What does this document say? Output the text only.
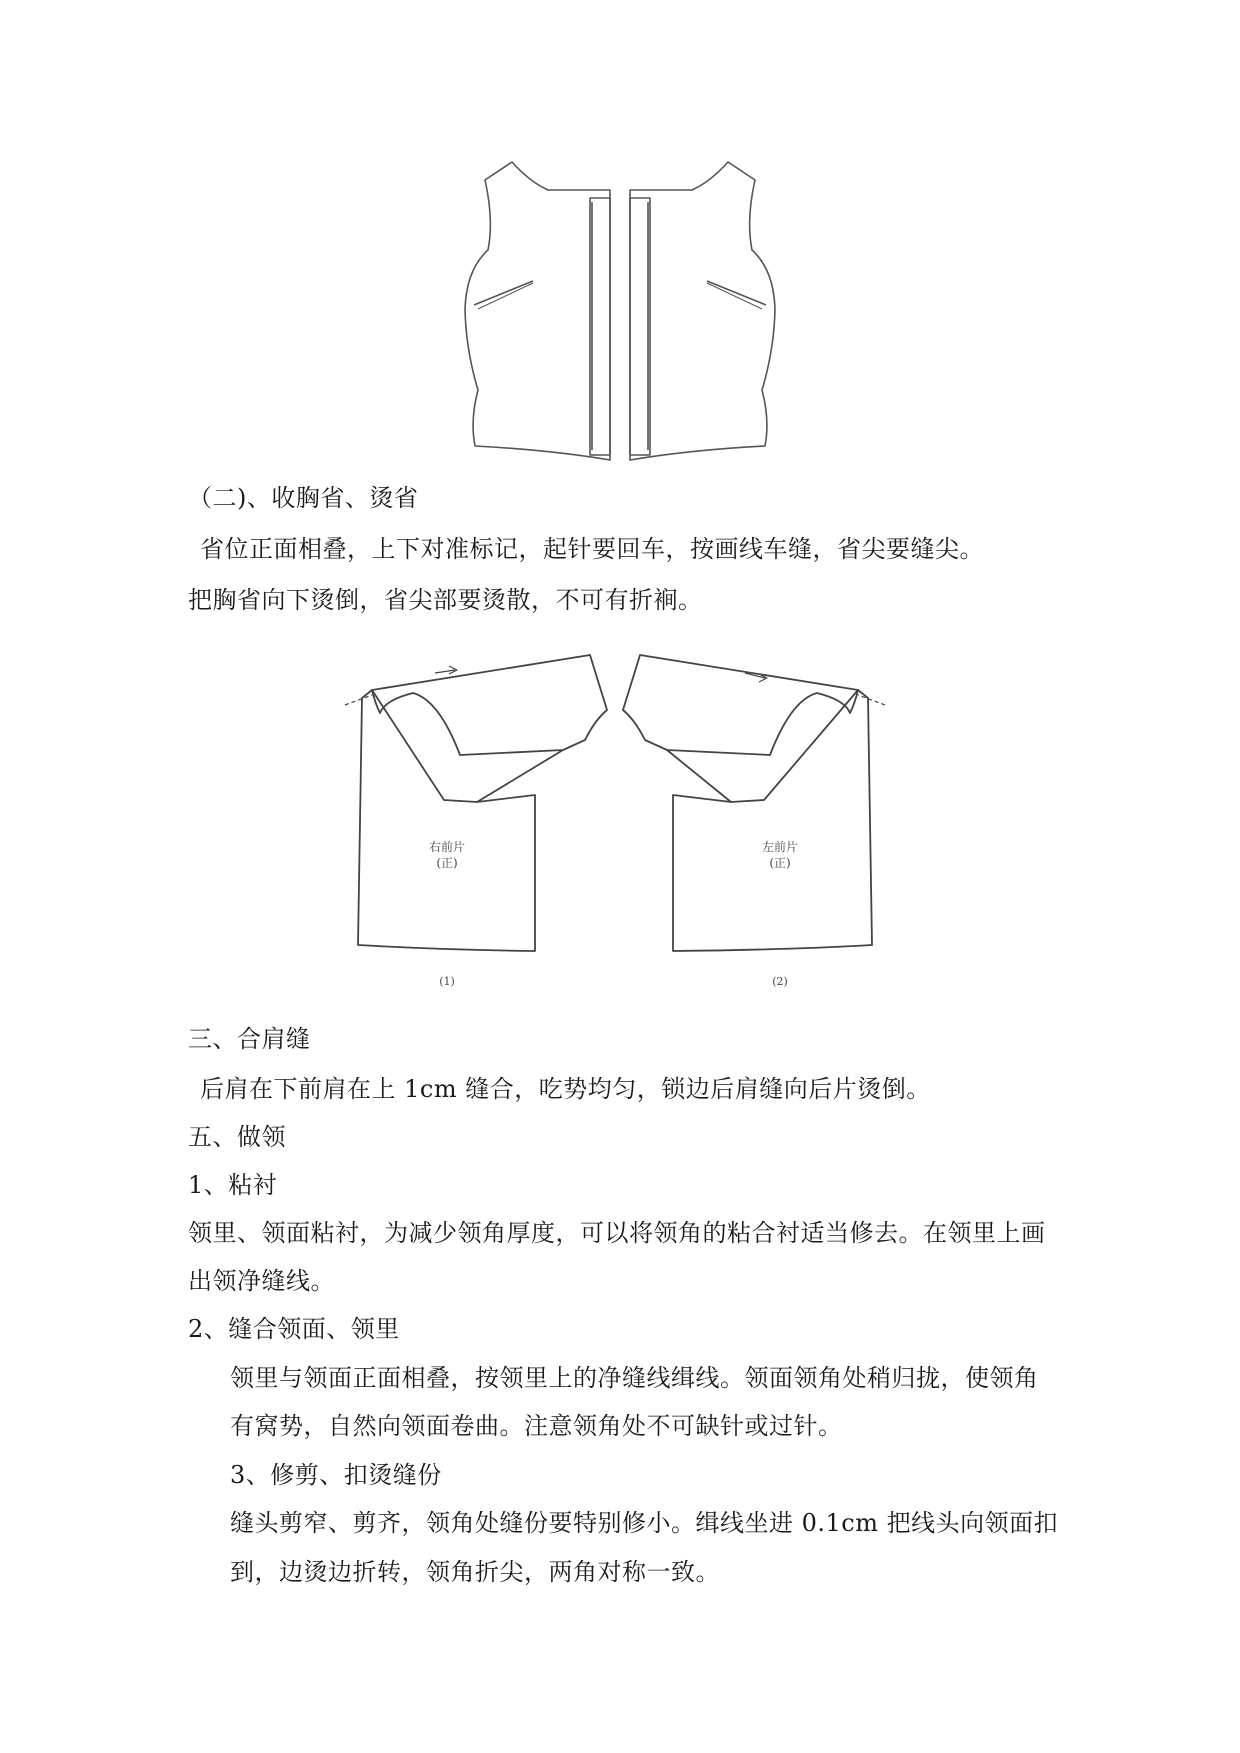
（二)、收胸省、烫省
省位正面相叠，上下对准标记，起针要回车，按画线车缝，省尖要缝尖。
把胸省向下烫倒，省尖部要烫散，不可有折裥。
右前片
(正)
左前片
(正)
(1)	(2)
三、合肩缝
后肩在下前肩在上 1cm 缝合，吃势均匀，锁边后肩缝向后片烫倒。
五、做领
1、粘衬
领里、领面粘衬，为减少领角厚度，可以将领角的粘合衬适当修去。在领里上画
出领净缝线。
2、缝合领面、领里
领里与领面正面相叠，按领里上的净缝线缉线。领面领角处稍归拢，使领角
有窝势，自然向领面卷曲。注意领角处不可缺针或过针。
3、修剪、扣烫缝份
缝头剪窄、剪齐，领角处缝份要特别修小。缉线坐进 0.1cm 把线头向领面扣
到，边烫边折转，领角折尖，两角对称一致。
